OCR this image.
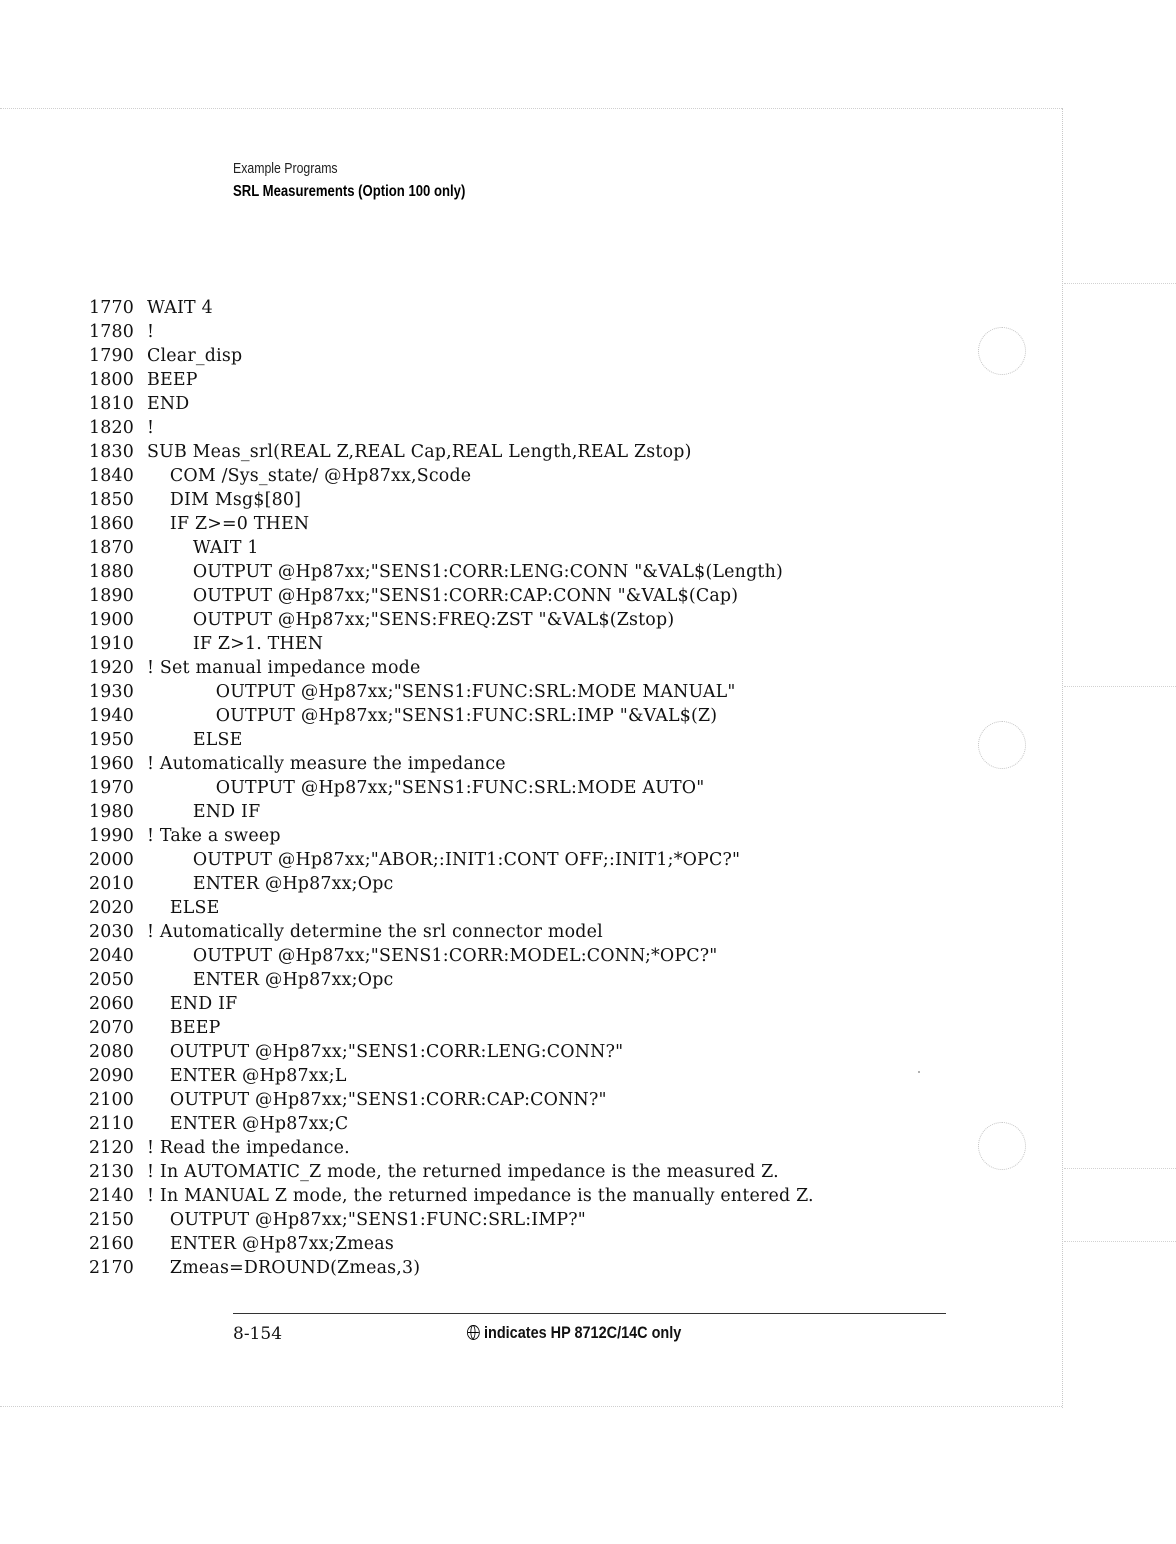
Example Programs
SRL Measurements (Option 100 only)
1770 WAIT 4
1780 !
1790 Clear_disp
1800 BEEP
1810 END
1820 !
1830 SUB Meas_srl(REAL Z,REAL Cap,REAL Length,REAL Zstop)
1840    COM /Sys_state/ @Hp87xx,Scode
1850    DIM Msg$[80]
1860    IF Z>=0 THEN
1870        WAIT 1
1880        OUTPUT @Hp87xx;"SENS1:CORR:LENG:CONN "&VAL$(Length)
1890        OUTPUT @Hp87xx;"SENS1:CORR:CAP:CONN "&VAL$(Cap)
1900        OUTPUT @Hp87xx;"SENS:FREQ:ZST "&VAL$(Zstop)
1910        IF Z>1. THEN
1920 ! Set manual impedance mode
1930            OUTPUT @Hp87xx;"SENS1:FUNC:SRL:MODE MANUAL"
1940            OUTPUT @Hp87xx;"SENS1:FUNC:SRL:IMP "&VAL$(Z)
1950        ELSE
1960 ! Automatically measure the impedance
1970            OUTPUT @Hp87xx;"SENS1:FUNC:SRL:MODE AUTO"
1980        END IF
1990 ! Take a sweep
2000        OUTPUT @Hp87xx;"ABOR;:INIT1:CONT OFF;:INIT1;*OPC?"
2010        ENTER @Hp87xx;Opc
2020    ELSE
2030 ! Automatically determine the srl connector model
2040        OUTPUT @Hp87xx;"SENS1:CORR:MODEL:CONN;*OPC?"
2050        ENTER @Hp87xx;Opc
2060    END IF
2070    BEEP
2080    OUTPUT @Hp87xx;"SENS1:CORR:LENG:CONN?"
2090    ENTER @Hp87xx;L
2100    OUTPUT @Hp87xx;"SENS1:CORR:CAP:CONN?"
2110    ENTER @Hp87xx;C
2120 ! Read the impedance.
2130 ! In AUTOMATIC_Z mode, the returned impedance is the measured Z.
2140 ! In MANUAL Z mode, the returned impedance is the manually entered Z.
2150    OUTPUT @Hp87xx;"SENS1:FUNC:SRL:IMP?"
2160    ENTER @Hp87xx;Zmeas
2170    Zmeas=DROUND(Zmeas,3)
8-154	indicates HP 8712C/14C only
